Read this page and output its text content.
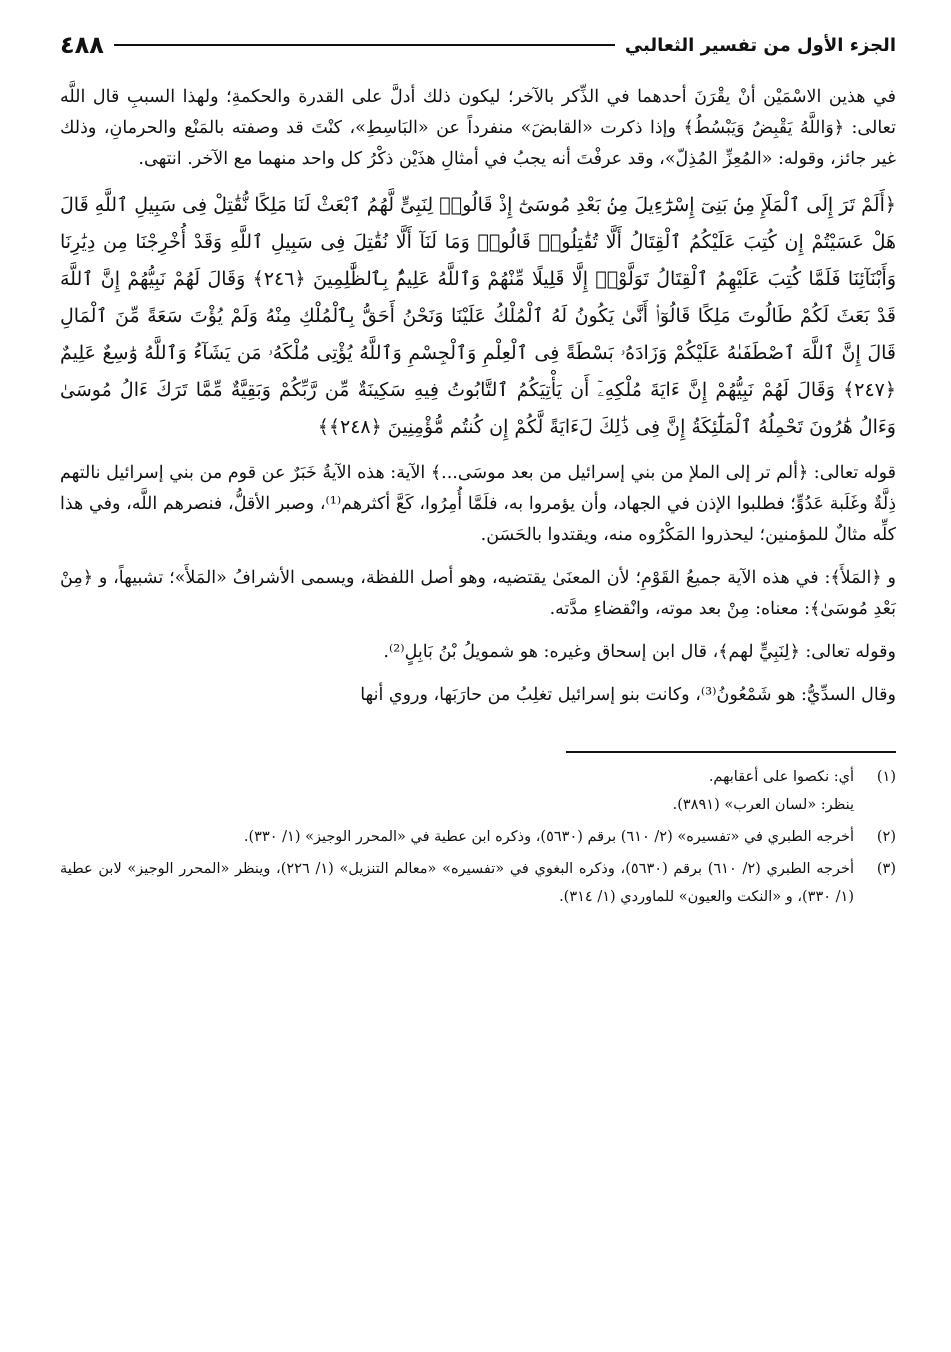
الجزء الأول من تفسير الثعالبي
٤٨٨

في هذين الاسْمَيْن أنْ يقْرَنَ أحدهما في الذِّكر بالآخر؛ ليكون ذلك أدلَّ على القدرة والحكمةِ؛ ولهذا السببِ قال اللَّه تعالى: ﴿وَاللَّهُ يَقْبِضُ وَيَبْسُطُ﴾ وإذا ذكرت «القابضَ» منفرداً عن «البَاسِطِ»، كنْتَ قد وصفته بالمَنْع والحرمانِ، وذلك غير جائز، وقوله: «المُعِزِّ المُذِلّ»، وقد عرفْتَ أنه يجبُ في أمثالِ هذَيْن ذكْرُ كل واحد منهما مع الآخر. انتهى.

﴿أَلَمْ تَرَ إِلَى ٱلْمَلَإِ مِنۢ بَنِىٓ إِسْرَٰٓءِيلَ مِنۢ بَعْدِ مُوسَىٰٓ إِذْ قَالُوا۟ لِنَبِىٍّ لَّهُمُ ٱبْعَثْ لَنَا مَلِكًا نُّقَٰتِلْ فِى سَبِيلِ ٱللَّهِ قَالَ هَلْ عَسَيْتُمْ إِن كُتِبَ عَلَيْكُمُ ٱلْقِتَالُ أَلَّا تُقَٰتِلُوا۟ قَالُوا۟ وَمَا لَنَآ أَلَّا نُقَٰتِلَ فِى سَبِيلِ ٱللَّهِ وَقَدْ أُخْرِجْنَا مِن دِيَٰرِنَا وَأَبْنَآئِنَا فَلَمَّا كُتِبَ عَلَيْهِمُ ٱلْقِتَالُ تَوَلَّوْا۟ إِلَّا قَلِيلًا مِّنْهُمْ وَٱللَّهُ عَلِيمٌۢ بِٱلظَّٰلِمِينَ ﴿٢٤٦﴾ وَقَالَ لَهُمْ نَبِيُّهُمْ إِنَّ ٱللَّهَ قَدْ بَعَثَ لَكُمْ طَالُوتَ مَلِكًا قَالُوٓا۟ أَنَّىٰ يَكُونُ لَهُ ٱلْمُلْكُ عَلَيْنَا وَنَحْنُ أَحَقُّ بِٱلْمُلْكِ مِنْهُ وَلَمْ يُؤْتَ سَعَةً مِّنَ ٱلْمَالِ قَالَ إِنَّ ٱللَّهَ ٱصْطَفَىٰهُ عَلَيْكُمْ وَزَادَهُۥ بَسْطَةً فِى ٱلْعِلْمِ وَٱلْجِسْمِ وَٱللَّهُ يُؤْتِى مُلْكَهُۥ مَن يَشَآءُ وَٱللَّهُ وَٰسِعٌ عَلِيمٌ ﴿٢٤٧﴾ وَقَالَ لَهُمْ نَبِيُّهُمْ إِنَّ ءَايَةَ مُلْكِهِۦٓ أَن يَأْتِيَكُمُ ٱلتَّابُوتُ فِيهِ سَكِينَةٌ مِّن رَّبِّكُمْ وَبَقِيَّةٌ مِّمَّا تَرَكَ ءَالُ مُوسَىٰ وَءَالُ هَٰرُونَ تَحْمِلُهُ ٱلْمَلَٰٓئِكَةُ إِنَّ فِى ذَٰلِكَ لَءَايَةً لَّكُمْ إِن كُنتُم مُّؤْمِنِينَ ﴿٢٤٨﴾﴾

قوله تعالى: ﴿ألم تر إلى الملإ من بني إسرائيل من بعد موسَى...﴾ الآية: هذه الآيةُ خَبَرٌ عن قوم من بني إسرائيل نالتهم ذِلَّةٌ وغَلَبة عَدُوٍّ؛ فطلبوا الإذن في الجهاد، وأن يؤمروا به، فلَمَّا أُمِرُوا، كَعَّ أكثرهم⁽¹⁾، وصبر الأقلُّ، فنصرهم اللَّه، وفي هذا كلِّه مثالٌ للمؤمنين؛ ليحذروا المَكْرُوه منه، ويقتدوا بالحَسَن.

و ﴿المَلأَ﴾: في هذه الآية جميعُ القَوْمِ؛ لأن المعنَىٰ يقتضيه، وهو أصل اللفظة، ويسمى الأشرافُ «المَلأَ»؛ تشبيهاً، و ﴿مِنْ بَعْدِ مُوسَىٰ﴾: معناه: مِنْ بعد موته، وانْقضاءِ مدَّته.

وقوله تعالى: ﴿لِنَبِيٍّ لهم﴾، قال ابن إسحاق وغيره: هو شمويلُ بْنُ بَابِلٍ⁽²⁾.

وقال السدِّيُّ: هو شَمْعُونُ⁽³⁾، وكانت بنو إسرائيل تغلِبُ من حارَبَها، وروي أنها

(١)

أي: نكصوا على أعقابهم.

ينظر: «لسان العرب» (٣٨٩١).

(٢)

أخرجه الطبري في «تفسيره» (٢/ ٦١٠) برقم (٥٦٣٠)، وذكره ابن عطية في «المحرر الوجيز» (١/ ٣٣٠).

(٣)

أخرجه الطبري (٢/ ٦١٠) برقم (٥٦٣٠)، وذكره البغوي في «تفسيره» «معالم التنزيل» (١/ ٢٢٦)، وينظر «المحرر الوجيز» لابن عطية (١/ ٣٣٠)، و «النكت والعيون» للماوردي (١/ ٣١٤).
